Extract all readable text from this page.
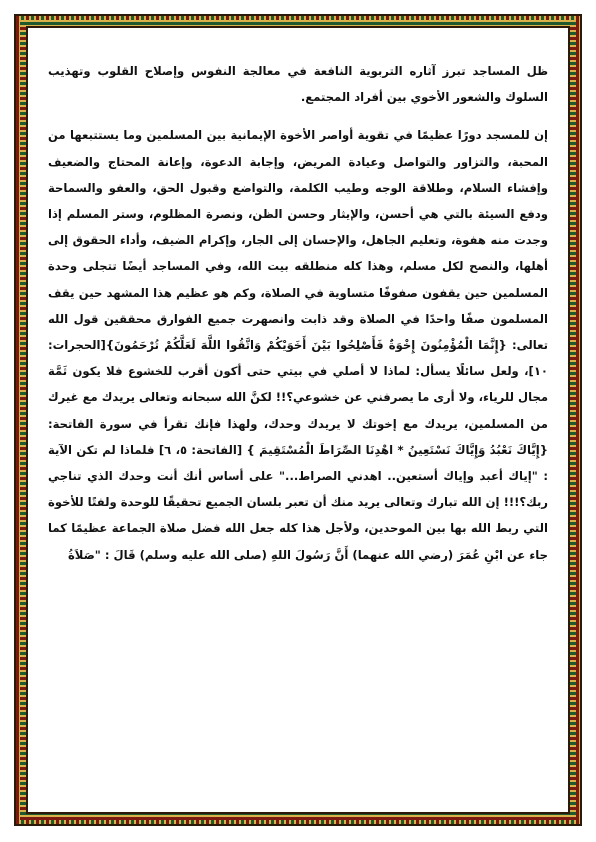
ظل المساجد تبرز آثاره التربوية النافعة في معالجة النفوس وإصلاح القلوب وتهذيب السلوك والشعور الأخوي بين أفراد المجتمع.

إن للمسجد دورًا عظيمًا في تقوية أواصر الأخوة الإيمانية بين المسلمين وما يستتبعها من المحبة، والتزاور والتواصل وعيادة المريض، وإجابة الدعوة، وإعانة المحتاج والضعيف وإفشاء السلام، وطلاقة الوجه وطيب الكلمة، والتواضع وقبول الحق، والعفو والسماحة ودفع السيئة بالتي هي أحسن، والإيثار وحسن الظن، ونصرة المظلوم، وستر المسلم إذا وجدت منه هفوة، وتعليم الجاهل، والإحسان إلى الجار، وإكرام الضيف، وأداء الحقوق إلى أهلها، والنصح لكل مسلم، وهذا كله منطلقه بيت الله، وفي المساجد أيضًا تتجلى وحدة المسلمين حين يقفون صفوفًا متساوية في الصلاة، وكم هو عظيم هذا المشهد حين يقف المسلمون صفًا واحدًا في الصلاة وقد ذابت وانصهرت جميع الفوارق محققين قول الله تعالى: {إِنَّمَا الْمُؤْمِنُونَ إِخْوَةٌ فَأَصْلِحُوا بَيْنَ أَخَوَيْكُمْ وَاتَّقُوا اللَّهَ لَعَلَّكُمْ تُرْحَمُونَ}[الحجرات: ١٠]، ولعل سائلًا يسأل: لماذا لا أصلي في بيتي حتى أكون أقرب للخشوع فلا يكون ثَمَّة مجال للرياء، ولا أرى ما يصرفني عن خشوعي؟!! لكنَّ الله سبحانه وتعالى يريدك مع غيرك من المسلمين، يريدك مع إخوتك لا يريدك وحدك، ولهذا فإنك تقرأ في سورة الفاتحة: {إِيَّاكَ نَعْبُدُ وَإِيَّاكَ نَسْتَعِينُ * اهْدِنَا الصِّرَاطَ الْمُسْتَقِيمَ } [الفاتحة: ٥، ٦] فلماذا لم تكن الآية : "إياك أعبد وإياك أستعين.. اهدني الصراط..." على أساس أنك أنت وحدك الذي تناجي ربك؟!!! إن الله تبارك وتعالى يريد منك أن تعبر بلسان الجميع تحقيقًا للوحدة ولفتًا للأخوة التي ربط الله بها بين الموحدين، ولأجل هذا كله جعل الله فضل صلاة الجماعة عظيمًا كما جاء عن ابْنِ عُمَرَ (رضي الله عنهما) أَنَّ رَسُولَ اللهِ (صلى الله عليه وسلم) قَالَ : "صَلاَةُ
